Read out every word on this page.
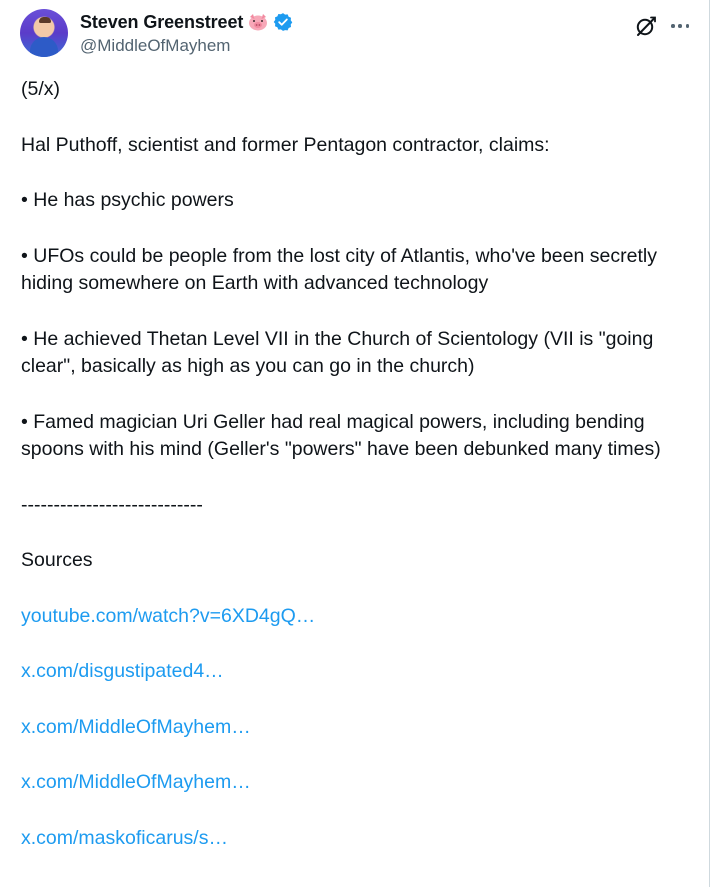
Steven Greenstreet
@MiddleOfMayhem

(5/x)

Hal Puthoff, scientist and former Pentagon contractor, claims:

• He has psychic powers

• UFOs could be people from the lost city of Atlantis, who've been secretly hiding somewhere on Earth with advanced technology

• He achieved Thetan Level VII in the Church of Scientology (VII is "going clear", basically as high as you can go in the church)

• Famed magician Uri Geller had real magical powers, including bending spoons with his mind (Geller's "powers" have been debunked many times)

----------------------------

Sources

youtube.com/watch?v=6XD4gQ…

x.com/disgustipated4…

x.com/MiddleOfMayhem…

x.com/MiddleOfMayhem…

x.com/maskoficarus/s…
